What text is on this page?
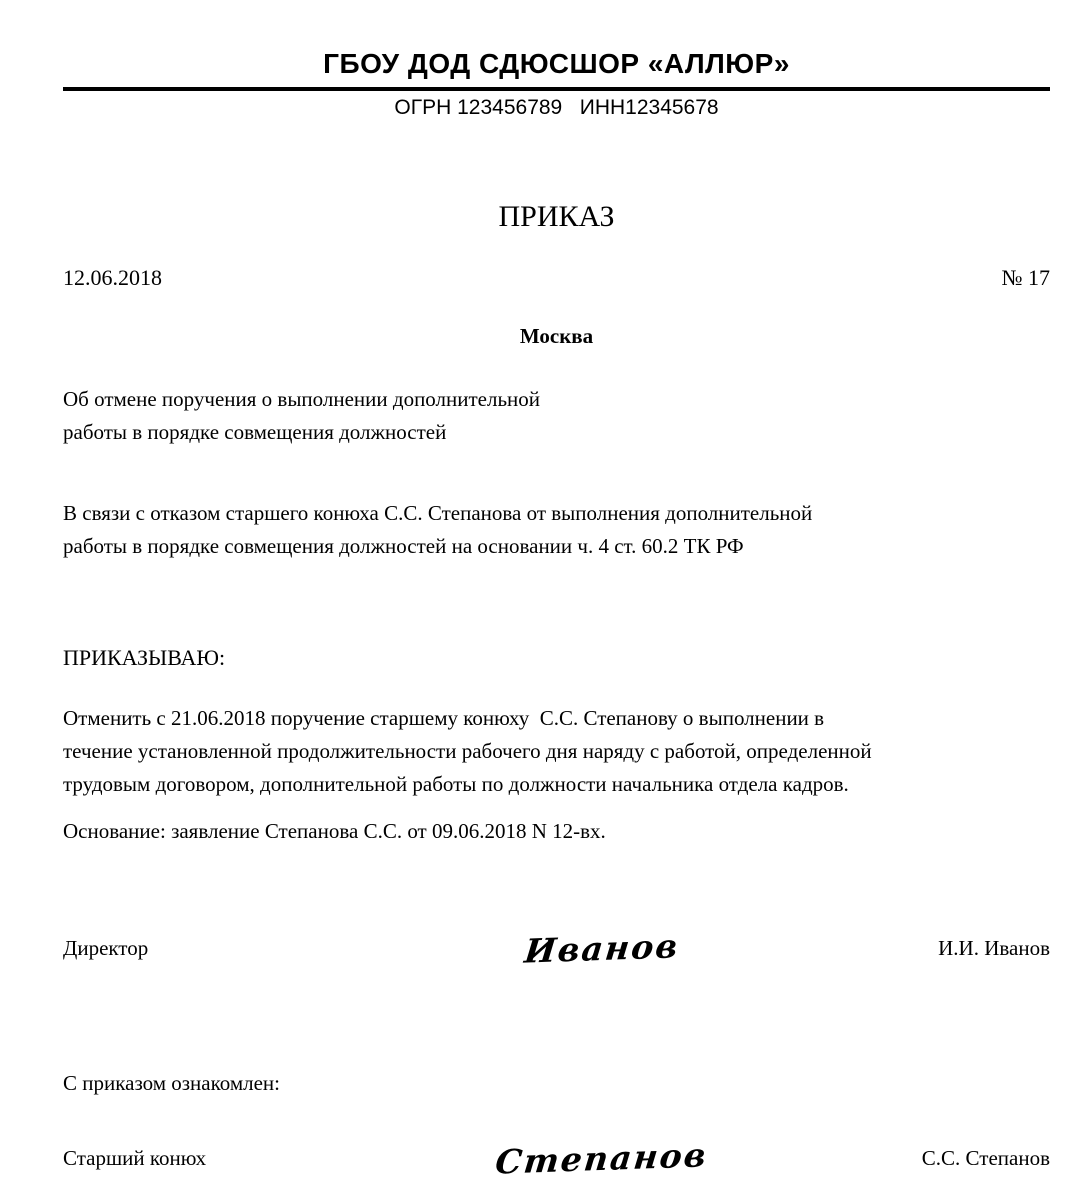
ГБОУ ДОД СДЮСШОР «АЛЛЮР»
ОГРН 123456789   ИНН12345678
ПРИКАЗ
12.06.2018	№ 17
Москва
Об отмене поручения о выполнении дополнительной
работы в порядке совмещения должностей
В связи с отказом старшего конюха С.С. Степанова от выполнения дополнительной
работы в порядке совмещения должностей на основании ч. 4 ст. 60.2 ТК РФ
ПРИКАЗЫВАЮ:
Отменить с 21.06.2018 поручение старшему конюху  С.С. Степанову о выполнении в
течение установленной продолжительности рабочего дня наряду с работой, определенной
трудовым договором, дополнительной работы по должности начальника отдела кадров.
Основание: заявление Степанова С.С. от 09.06.2018 N 12-вх.
Директор	Иванов	И.И. Иванов
С приказом ознакомлен:
Старший конюх	Степанов	С.С. Степанов
